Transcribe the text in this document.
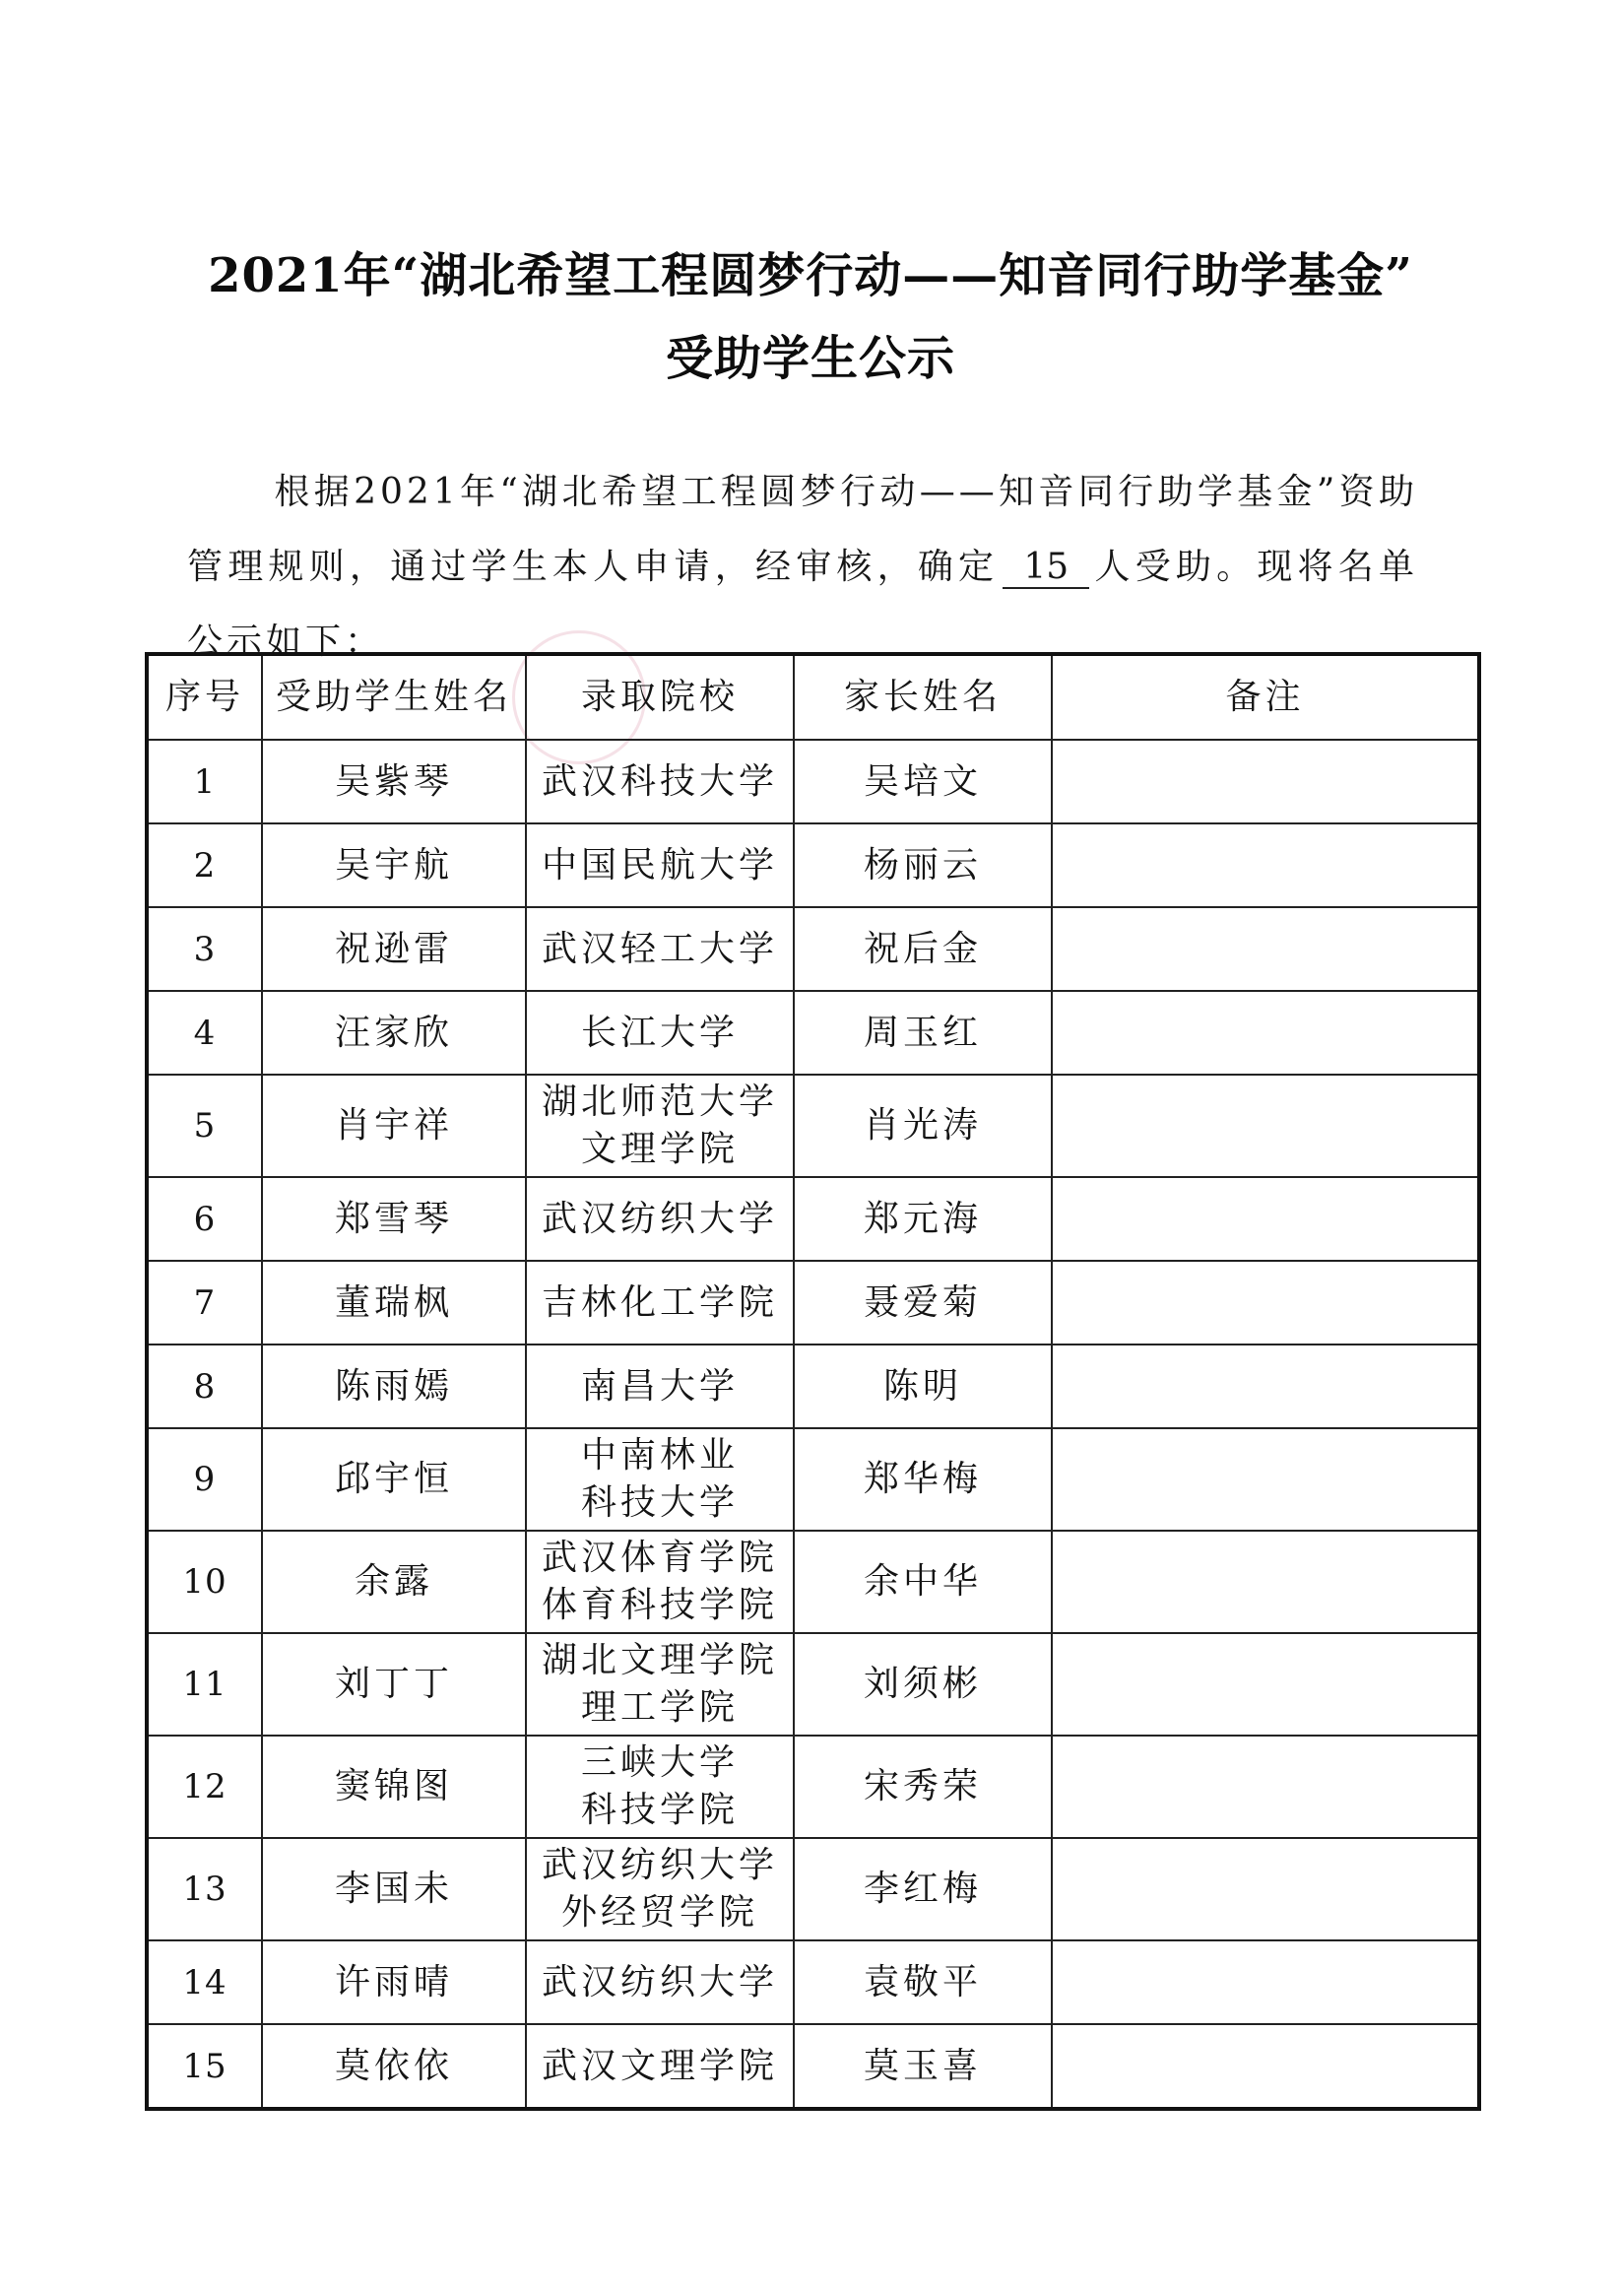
2021年“湖北希望工程圆梦行动——知音同行助学基金”
受助学生公示
根据2021年“湖北希望工程圆梦行动——知音同行助学基金”资助管理规则，通过学生本人申请，经审核，确定 15 人受助。现将名单公示如下：
序号	受助学生姓名	录取院校	家长姓名	备注

1	吴紫琴	武汉科技大学	吴培文	

2	吴宇航	中国民航大学	杨丽云	

3	祝逊雷	武汉轻工大学	祝后金	

4	汪家欣	长江大学	周玉红	

5	肖宇祥	湖北师范大学
文理学院	肖光涛	

6	郑雪琴	武汉纺织大学	郑元海	

7	董瑞枫	吉林化工学院	聂爱菊	

8	陈雨嫣	南昌大学	陈明	

9	邱宇恒	中南林业
科技大学	郑华梅	

10	余露	武汉体育学院
体育科技学院	余中华	

11	刘丁丁	湖北文理学院
理工学院	刘须彬	

12	窦锦图	三峡大学
科技学院	宋秀荣	

13	李国未	武汉纺织大学
外经贸学院	李红梅	

14	许雨晴	武汉纺织大学	袁敬平	

15	莫依依	武汉文理学院	莫玉喜	
